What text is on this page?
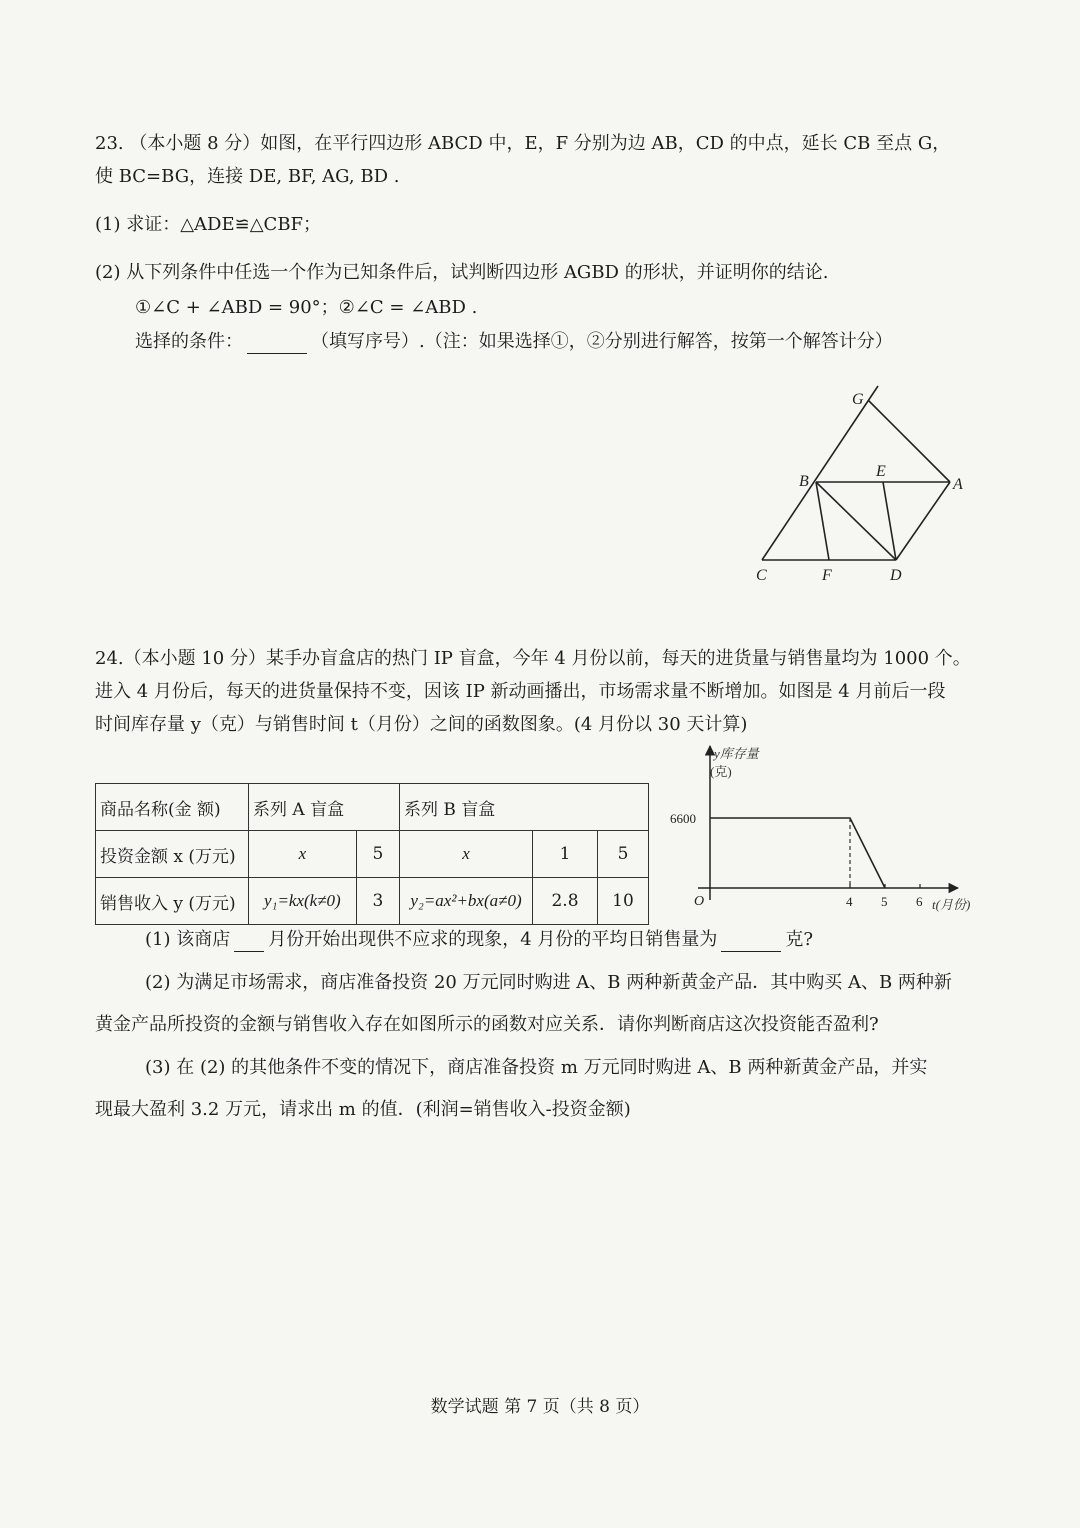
23. （本小题 8 分）如图，在平行四边形 ABCD 中，E，F 分别为边 AB，CD 的中点，延长 CB 至点 G，
使 BC=BG，连接 DE, BF, AG, BD .
(1) 求证：△ADE≌△CBF；
(2) 从下列条件中任选一个作为已知条件后，试判断四边形 AGBD 的形状，并证明你的结论.
①∠C + ∠ABD = 90°；②∠C = ∠ABD .
选择的条件：	（填写序号）.（注：如果选择①，②分别进行解答，按第一个解答计分）
G
B
E
A
C	F	D
24.（本小题 10 分）某手办盲盒店的热门 IP 盲盒，今年 4 月份以前，每天的进货量与销售量均为 1000 个。
进入 4 月份后，每天的进货量保持不变，因该 IP 新动画播出，市场需求量不断增加。如图是 4 月前后一段
时间库存量 y（克）与销售时间 t（月份）之间的函数图象。(4 月份以 30 天计算)
商品名称(金 额)	系列 A 盲盒		系列 B 盲盒		
投资金额 x (万元)	x	5	x	1	5
销售收入 y (万元)	y₁=kx(k≠0)	3	y₂=ax²+bx(a≠0)	2.8	10
y库存量
(克)
t(月份)
O	4 5 6
6600
(1) 该商店 月份开始出现供不应求的现象，4 月份的平均日销售量为	克?
(2) 为满足市场需求，商店准备投资 20 万元同时购进 A、B 两种新黄金产品．其中购买 A、B 两种新
黄金产品所投资的金额与销售收入存在如图所示的函数对应关系．请你判断商店这次投资能否盈利?
(3) 在 (2) 的其他条件不变的情况下，商店准备投资 m 万元同时购进 A、B 两种新黄金产品，并实
现最大盈利 3.2 万元，请求出 m 的值．(利润=销售收入-投资金额)
数学试题 第 7 页（共 8 页）
